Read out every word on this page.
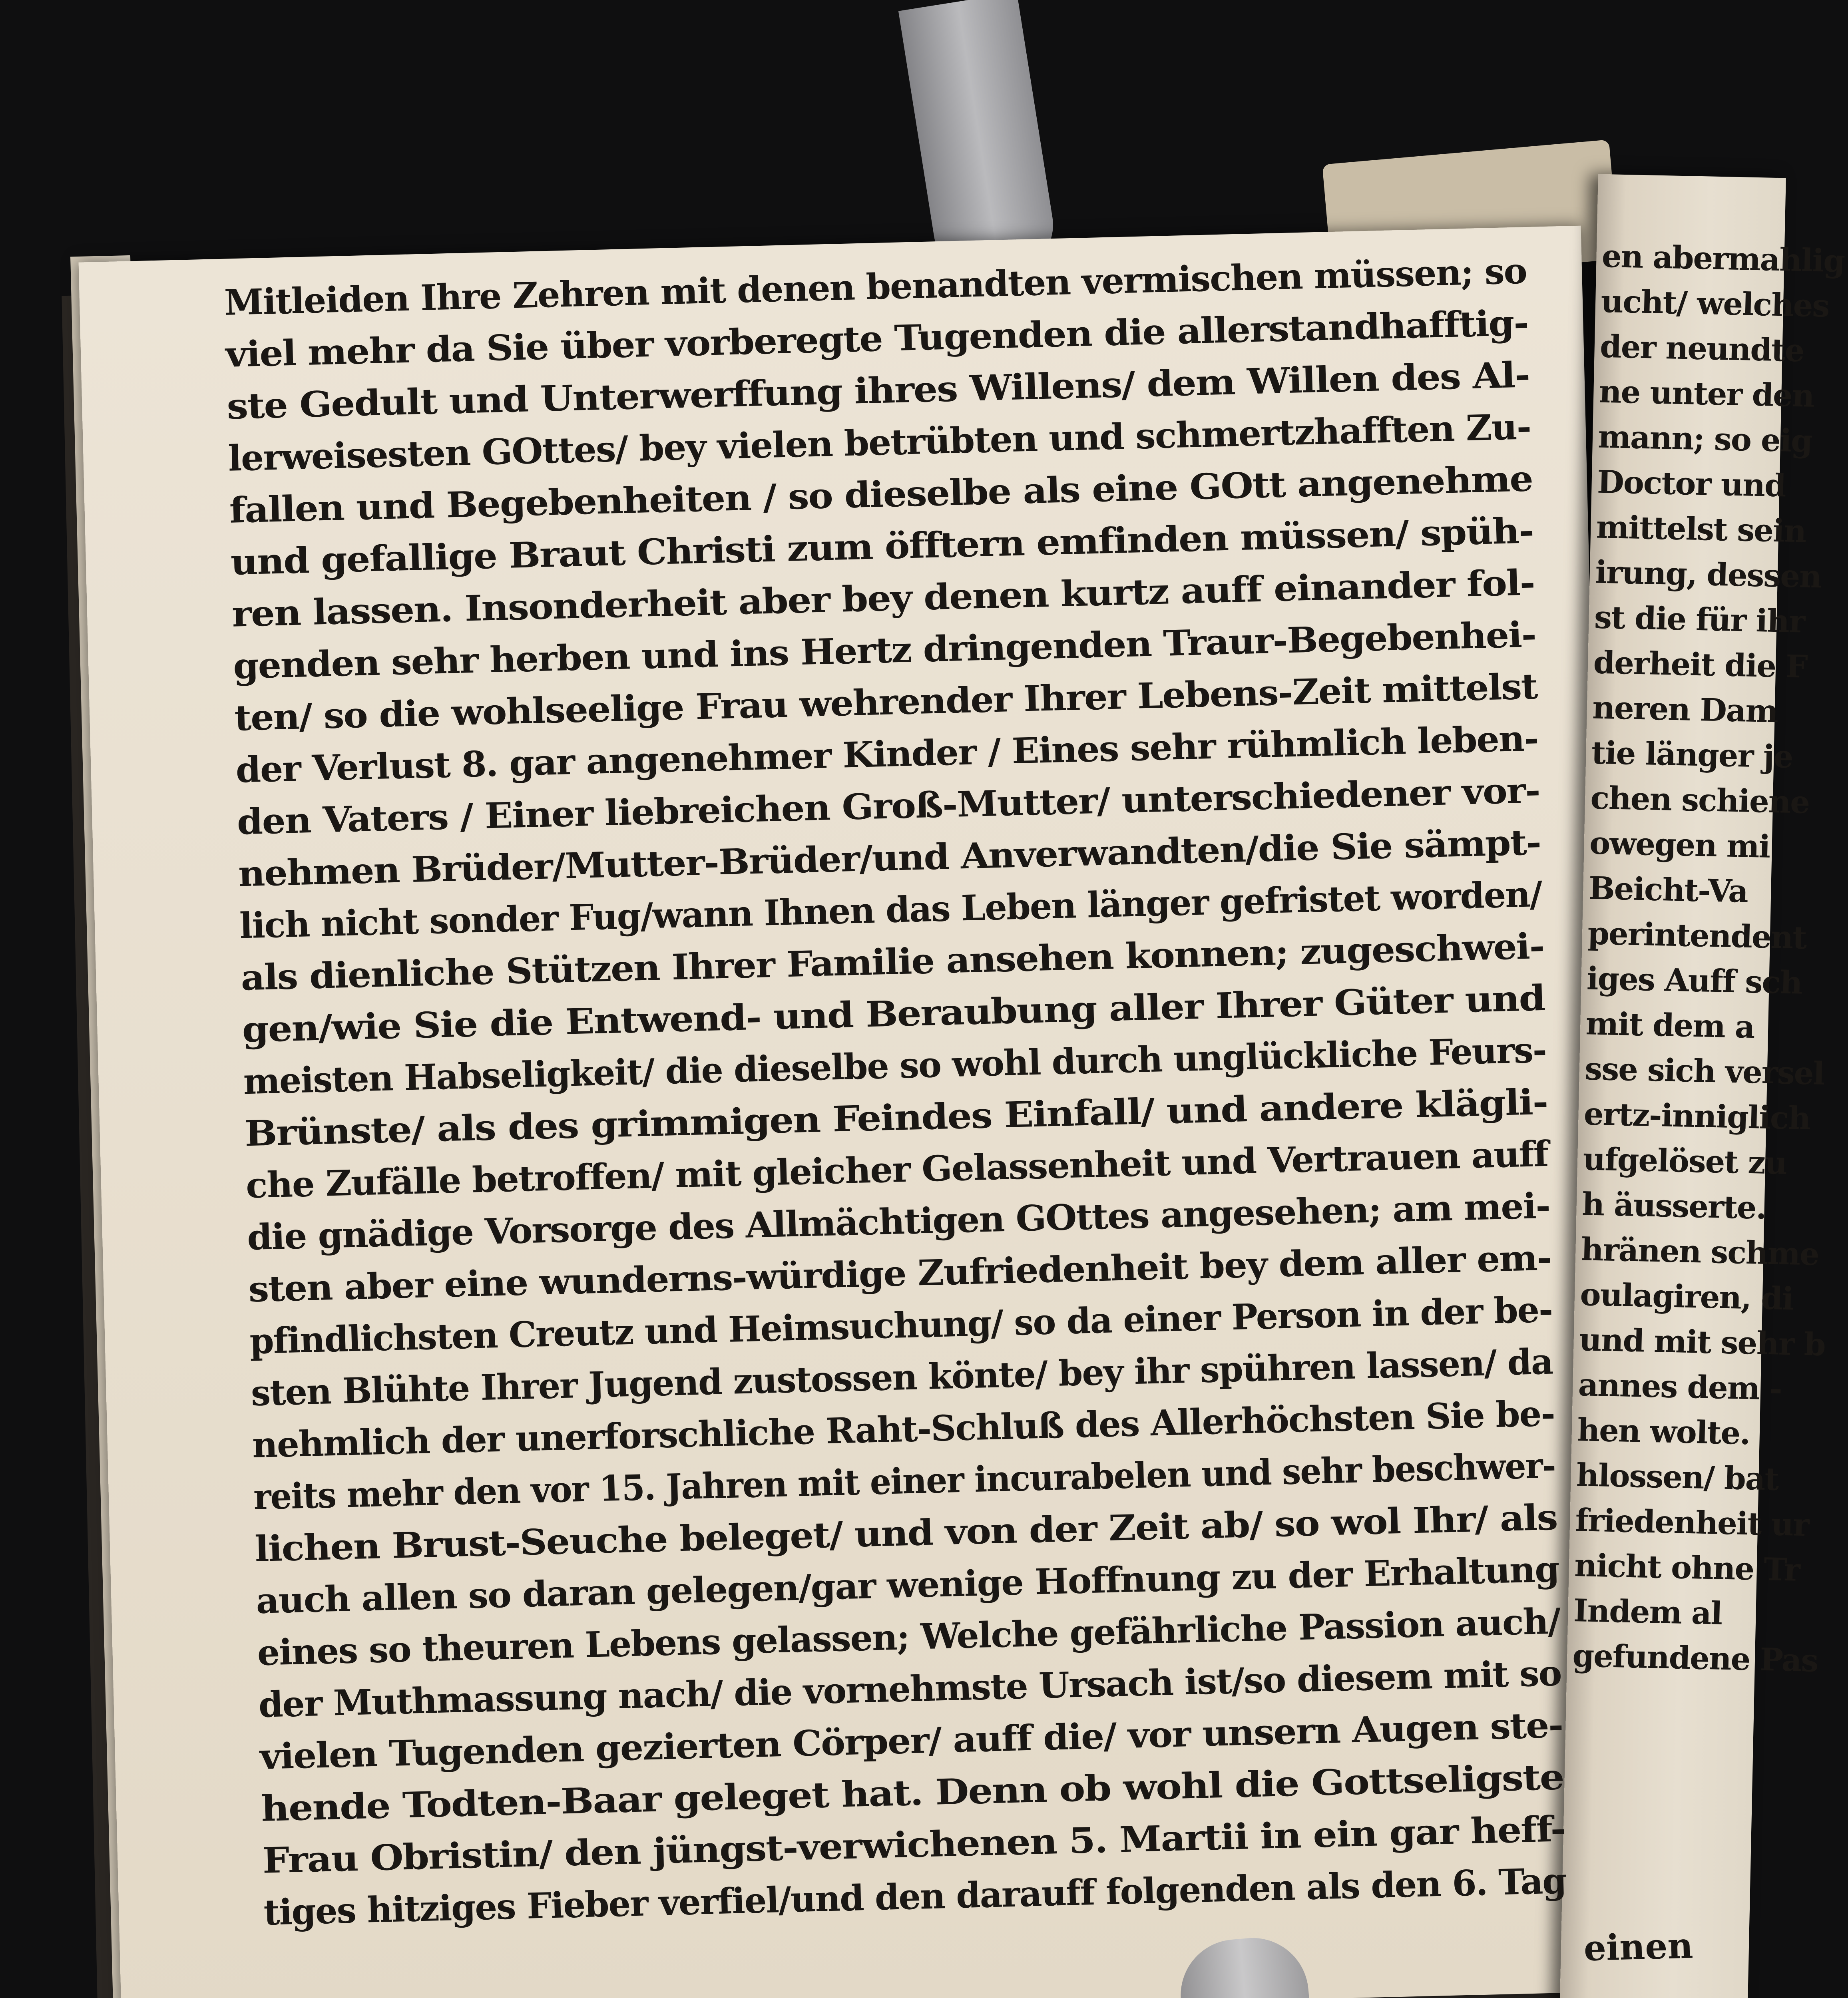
Mitleiden Ihre Zehren mit denen benandten vermischen müssen; so
viel mehr da Sie über vorberegte Tugenden die allerstandhafftig-
ste Gedult und Unterwerffung ihres Willens/ dem Willen des Al-
lerweisesten GOttes/ bey vielen betrübten und schmertzhafften Zu-
fallen und Begebenheiten / so dieselbe als eine GOtt angenehme
und gefallige Braut Christi zum öfftern emfinden müssen/ spüh-
ren lassen. Insonderheit aber bey denen kurtz auff einander fol-
genden sehr herben und ins Hertz dringenden Traur-Begebenhei-
ten/ so die wohlseelige Frau wehrender Ihrer Lebens-Zeit mittelst
der Verlust 8. gar angenehmer Kinder / Eines sehr rühmlich leben-
den Vaters / Einer liebreichen Groß-Mutter/ unterschiedener vor-
nehmen Brüder/Mutter-Brüder/und Anverwandten/die Sie sämpt-
lich nicht sonder Fug/wann Ihnen das Leben länger gefristet worden/
als dienliche Stützen Ihrer Familie ansehen konnen; zugeschwei-
gen/wie Sie die Entwend- und Beraubung aller Ihrer Güter und
meisten Habseligkeit/ die dieselbe so wohl durch unglückliche Feurs-
Brünste/ als des grimmigen Feindes Einfall/ und andere klägli-
che Zufälle betroffen/ mit gleicher Gelassenheit und Vertrauen auff
die gnädige Vorsorge des Allmächtigen GOttes angesehen; am mei-
sten aber eine wunderns-würdige Zufriedenheit bey dem aller em-
pfindlichsten Creutz und Heimsuchung/ so da einer Person in der be-
sten Blühte Ihrer Jugend zustossen könte/ bey ihr spühren lassen/ da
nehmlich der unerforschliche Raht-Schluß des Allerhöchsten Sie be-
reits mehr den vor 15. Jahren mit einer incurabelen und sehr beschwer-
lichen Brust-Seuche beleget/ und von der Zeit ab/ so wol Ihr/ als
auch allen so daran gelegen/gar wenige Hoffnung zu der Erhaltung
eines so theuren Lebens gelassen; Welche gefährliche Passion auch/
der Muthmassung nach/ die vornehmste Ursach ist/so diesem mit so
vielen Tugenden gezierten Cörper/ auff die/ vor unsern Augen ste-
hende Todten-Baar geleget hat. Denn ob wohl die Gottseligste
Frau Obristin/ den jüngst-verwichenen 5. Martii in ein gar heff-
tiges hitziges Fieber verfiel/und den darauff folgenden als den 6. Tag
einen
en abermahlig
ucht/ welches
der neundte
ne unter den
mann; so eig
Doctor und
mittelst sein
irung, dessen
st die für ihr
derheit die F
neren Dam
tie länger je
chen schiene
owegen mi
Beicht-Va
perintendent
iges Auff sch
mit dem a
sse sich versel
ertz-inniglich
ufgelöset zu
h äusserte.
hränen schme
oulagiren, di
und mit sehr b
annes dem -
hen wolte.
hlossen/ bat
friedenheit ur
nicht ohne Tr
Indem al
gefundene Pas
